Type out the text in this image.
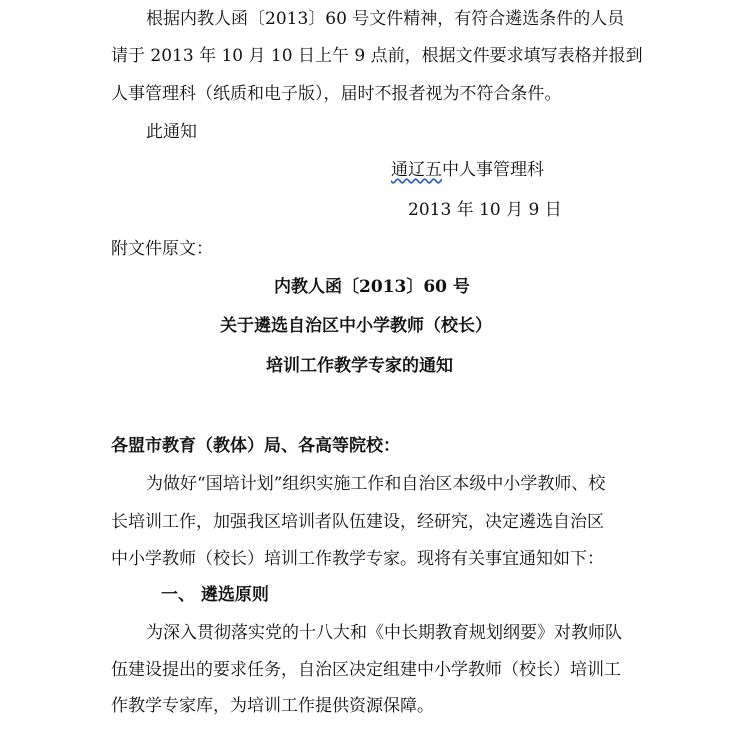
根据内教人函〔2013〕60 号文件精神，有符合遴选条件的人员
请于 2013 年 10 月 10 日上午 9 点前，根据文件要求填写表格并报到
人事管理科（纸质和电子版），届时不报者视为不符合条件。
此通知
通辽五中人事管理科
2013 年 10 月 9 日
附文件原文：
内教人函〔2013〕60 号
关于遴选自治区中小学教师（校长）
培训工作教学专家的通知
各盟市教育（教体）局、各高等院校：
为做好“国培计划”组织实施工作和自治区本级中小学教师、校
长培训工作，加强我区培训者队伍建设，经研究，决定遴选自治区
中小学教师（校长）培训工作教学专家。现将有关事宜通知如下：
一、 遴选原则
为深入贯彻落实党的十八大和《中长期教育规划纲要》对教师队
伍建设提出的要求任务，自治区决定组建中小学教师（校长）培训工
作教学专家库，为培训工作提供资源保障。
